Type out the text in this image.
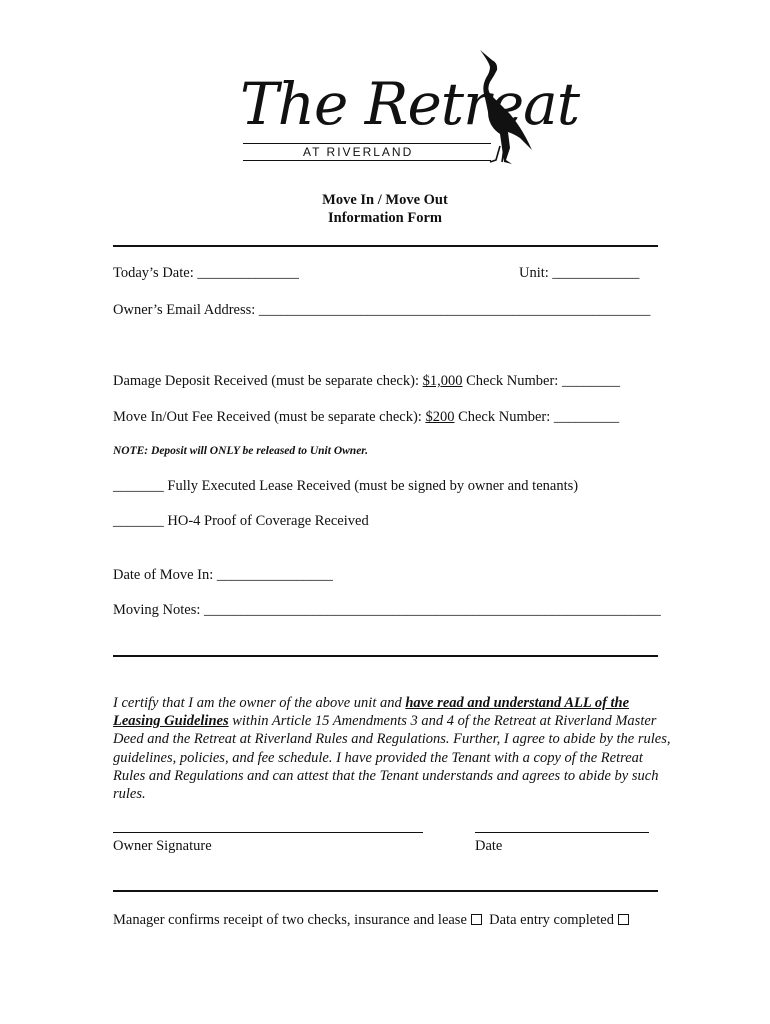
The Retreat
AT RIVERLAND
Move In / Move Out
Information Form
Today’s Date: ______________	Unit: ____________
Owner’s Email Address: ______________________________________________________
Damage Deposit Received (must be separate check): $1,000 Check Number: ________
Move In/Out Fee Received (must be separate check): $200 Check Number: _________
NOTE: Deposit will ONLY be released to Unit Owner.
_______ Fully Executed Lease Received (must be signed by owner and tenants)
_______ HO-4 Proof of Coverage Received
Date of Move In: ________________
Moving Notes: _______________________________________________________________
I certify that I am the owner of the above unit and have read and understand ALL of the Leasing Guidelines within Article 15 Amendments 3 and 4 of the Retreat at Riverland Master Deed and the Retreat at Riverland Rules and Regulations. Further, I agree to abide by the rules, guidelines, policies, and fee schedule. I have provided the Tenant with a copy of the Retreat Rules and Regulations and can attest that the Tenant understands and agrees to abide by such rules.
Owner Signature	Date
Manager confirms receipt of two checks, insurance and lease Data entry completed
